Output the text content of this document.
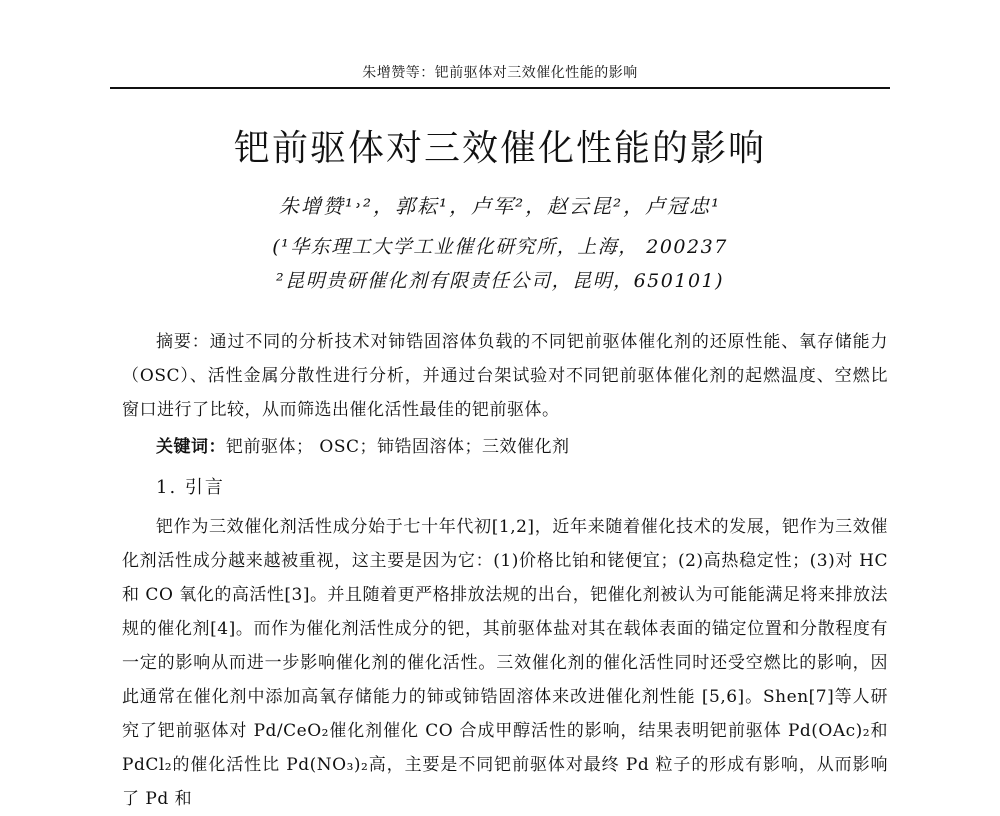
朱增赞等：钯前驱体对三效催化性能的影响
钯前驱体对三效催化性能的影响
朱增赞¹˒²，郭耘¹，卢军²，赵云昆²，卢冠忠¹
(¹华东理工大学工业催化研究所，上海， 200237
²昆明贵研催化剂有限责任公司，昆明，650101)
摘要：通过不同的分析技术对铈锆固溶体负载的不同钯前驱体催化剂的还原性能、氧存储能力（OSC）、活性金属分散性进行分析，并通过台架试验对不同钯前驱体催化剂的起燃温度、空燃比窗口进行了比较，从而筛选出催化活性最佳的钯前驱体。
关键词：钯前驱体； OSC；铈锆固溶体；三效催化剂
1. 引言
钯作为三效催化剂活性成分始于七十年代初[1,2]，近年来随着催化技术的发展，钯作为三效催化剂活性成分越来越被重视，这主要是因为它：(1)价格比铂和铑便宜；(2)高热稳定性；(3)对 HC 和 CO 氧化的高活性[3]。并且随着更严格排放法规的出台，钯催化剂被认为可能能满足将来排放法规的催化剂[4]。而作为催化剂活性成分的钯，其前驱体盐对其在载体表面的锚定位置和分散程度有一定的影响从而进一步影响催化剂的催化活性。三效催化剂的催化活性同时还受空燃比的影响，因此通常在催化剂中添加高氧存储能力的铈或铈锆固溶体来改进催化剂性能 [5,6]。Shen[7]等人研究了钯前驱体对 Pd/CeO₂催化剂催化 CO 合成甲醇活性的影响，结果表明钯前驱体 Pd(OAc)₂和 PdCl₂的催化活性比 Pd(NO₃)₂高，主要是不同钯前驱体对最终 Pd 粒子的形成有影响，从而影响了 Pd 和
